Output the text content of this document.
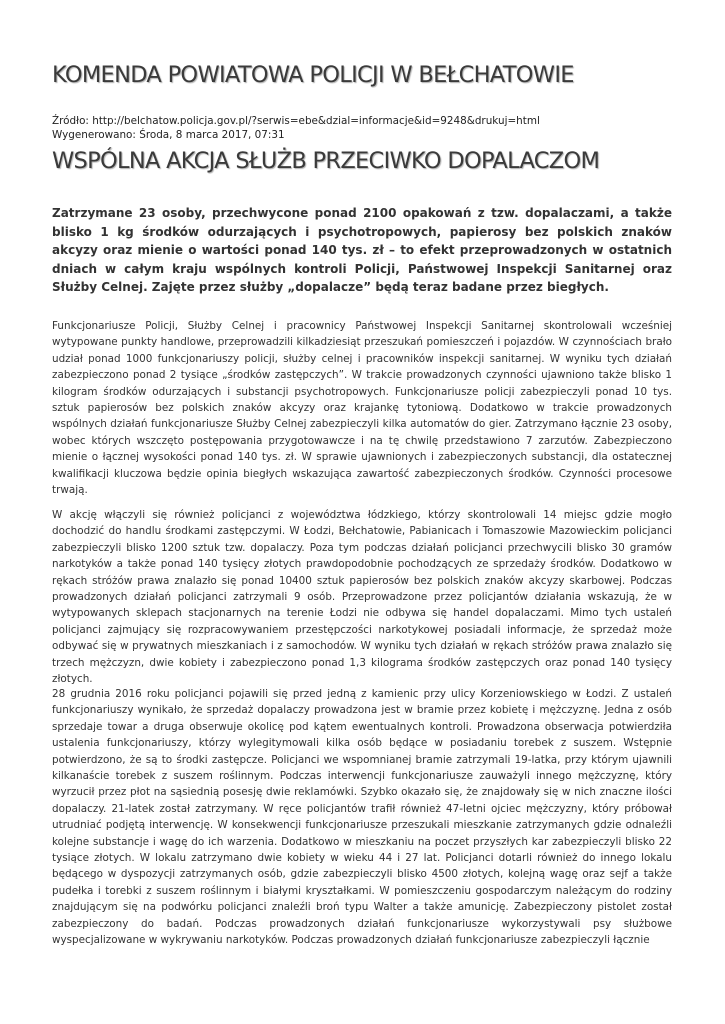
KOMENDA POWIATOWA POLICJI W BEŁCHATOWIE
Źródło: http://belchatow.policja.gov.pl/?serwis=ebe&dzial=informacje&id=9248&drukuj=html
Wygenerowano: Środa, 8 marca 2017, 07:31
WSPÓLNA AKCJA SŁUŻB PRZECIWKO DOPALACZOM

Zatrzymane 23 osoby, przechwycone ponad 2100 opakowań z tzw. dopalaczami, a także blisko 1 kg środków odurzających i psychotropowych, papierosy bez polskich znaków akcyzy oraz mienie o wartości ponad 140 tys. zł – to efekt przeprowadzonych w ostatnich dniach w całym kraju wspólnych kontroli Policji, Państwowej Inspekcji Sanitarnej oraz Służby Celnej. Zajęte przez służby „dopalacze” będą teraz badane przez biegłych.

Funkcjonariusze Policji, Służby Celnej i pracownicy Państwowej Inspekcji Sanitarnej skontrolowali wcześniej wytypowane punkty handlowe, przeprowadzili kilkadziesiąt przeszukań pomieszczeń i pojazdów. W czynnościach brało udział ponad 1000 funkcjonariuszy policji, służby celnej i pracowników inspekcji sanitarnej. W wyniku tych działań zabezpieczono ponad 2 tysiące „środków zastępczych”. W trakcie prowadzonych czynności ujawniono także blisko 1 kilogram środków odurzających i substancji psychotropowych. Funkcjonariusze policji zabezpieczyli ponad 10 tys. sztuk papierosów bez polskich znaków akcyzy oraz krajankę tytoniową. Dodatkowo w trakcie prowadzonych wspólnych działań funkcjonariusze Służby Celnej zabezpieczyli kilka automatów do gier. Zatrzymano łącznie 23 osoby, wobec których wszczęto postępowania przygotowawcze i na tę chwilę przedstawiono 7 zarzutów. Zabezpieczono mienie o łącznej wysokości ponad 140 tys. zł. W sprawie ujawnionych i zabezpieczonych substancji, dla ostatecznej kwalifikacji kluczowa będzie opinia biegłych wskazująca zawartość zabezpieczonych środków. Czynności procesowe trwają.

W akcję włączyli się również policjanci z województwa łódzkiego, którzy skontrolowali 14 miejsc gdzie mogło dochodzić do handlu środkami zastępczymi. W Łodzi, Bełchatowie, Pabianicach i Tomaszowie Mazowieckim policjanci zabezpieczyli blisko 1200 sztuk tzw. dopalaczy. Poza tym podczas działań policjanci przechwycili blisko 30 gramów narkotyków a także ponad 140 tysięcy złotych prawdopodobnie pochodzących ze sprzedaży środków. Dodatkowo w rękach stróżów prawa znalazło się ponad 10400 sztuk papierosów bez polskich znaków akcyzy skarbowej. Podczas prowadzonych działań policjanci zatrzymali 9 osób. Przeprowadzone przez policjantów działania wskazują, że w wytypowanych sklepach stacjonarnych na terenie Łodzi nie odbywa się handel dopalaczami. Mimo tych ustaleń policjanci zajmujący się rozpracowywaniem przestępczości narkotykowej posiadali informacje, że sprzedaż może odbywać się w prywatnych mieszkaniach i z samochodów. W wyniku tych działań w rękach stróżów prawa znalazło się trzech mężczyzn, dwie kobiety i zabezpieczono ponad 1,3 kilograma środków zastępczych oraz ponad 140 tysięcy złotych.

28 grudnia 2016 roku policjanci pojawili się przed jedną z kamienic przy ulicy Korzeniowskiego w Łodzi. Z ustaleń funkcjonariuszy wynikało, że sprzedaż dopalaczy prowadzona jest w bramie przez kobietę i mężczyznę. Jedna z osób sprzedaje towar a druga obserwuje okolicę pod kątem ewentualnych kontroli. Prowadzona obserwacja potwierdziła ustalenia funkcjonariuszy, którzy wylegitymowali kilka osób będące w posiadaniu torebek z suszem. Wstępnie potwierdzono, że są to środki zastępcze. Policjanci we wspomnianej bramie zatrzymali 19-latka, przy którym ujawnili kilkanaście torebek z suszem roślinnym. Podczas interwencji funkcjonariusze zauważyli innego mężczyznę, który wyrzucił przez płot na sąsiednią posesję dwie reklamówki. Szybko okazało się, że znajdowały się w nich znaczne ilości dopalaczy. 21-latek został zatrzymany. W ręce policjantów trafił również 47-letni ojciec mężczyzny, który próbował utrudniać podjętą interwencję. W konsekwencji funkcjonariusze przeszukali mieszkanie zatrzymanych gdzie odnaleźli kolejne substancje i wagę do ich warzenia. Dodatkowo w mieszkaniu na poczet przyszłych kar zabezpieczyli blisko 22 tysiące złotych. W lokalu zatrzymano dwie kobiety w wieku 44 i 27 lat. Policjanci dotarli również do innego lokalu będącego w dyspozycji zatrzymanych osób, gdzie zabezpieczyli blisko 4500 złotych, kolejną wagę oraz sejf a także pudełka i torebki z suszem roślinnym i białymi kryształkami. W pomieszczeniu gospodarczym należącym do rodziny znajdującym się na podwórku policjanci znaleźli broń typu Walter a także amunicję. Zabezpieczony pistolet został zabezpieczony do badań. Podczas prowadzonych działań funkcjonariusze wykorzystywali psy służbowe wyspecjalizowane w wykrywaniu narkotyków. Podczas prowadzonych działań funkcjonariusze zabezpieczyli łącznie
